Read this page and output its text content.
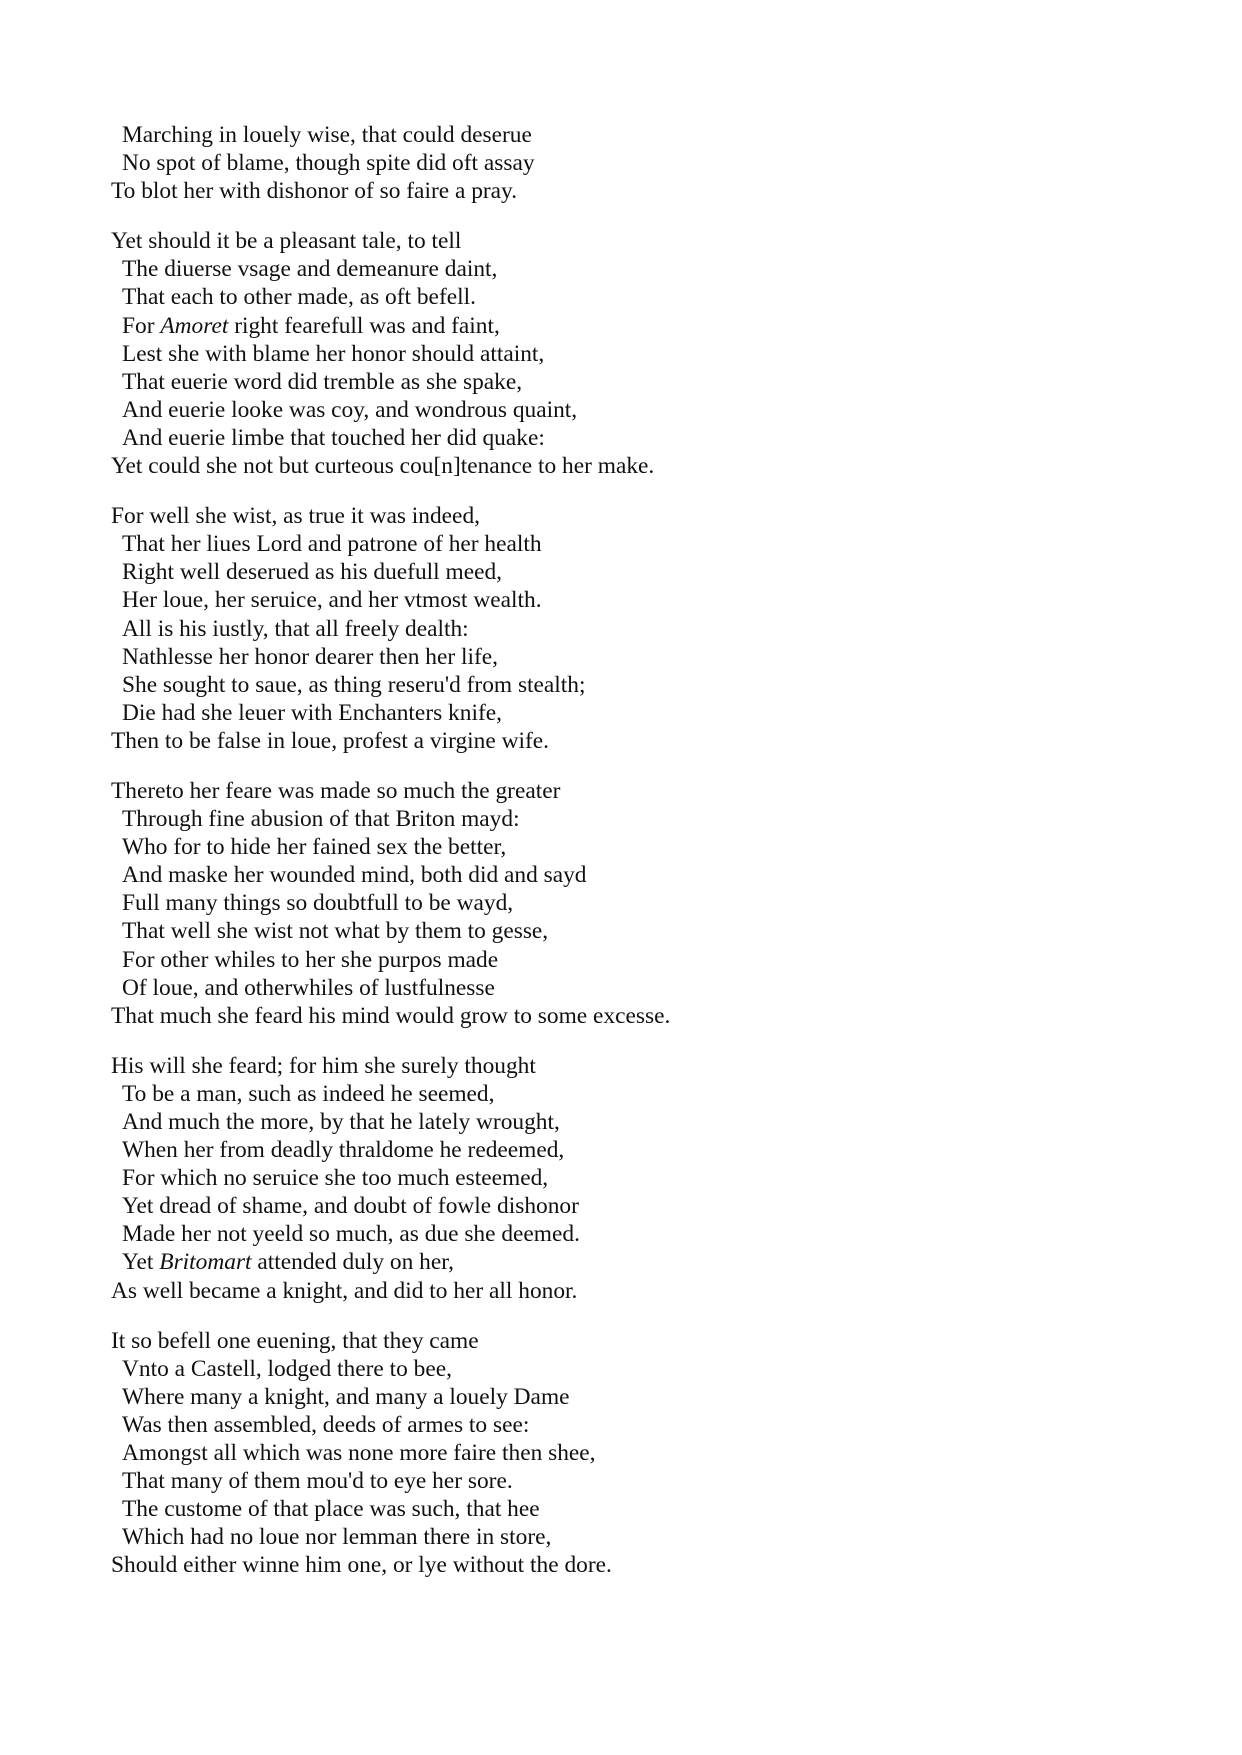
Marching in louely wise, that could deserue
No spot of blame, though spite did oft assay
To blot her with dishonor of so faire a pray.
Yet should it be a pleasant tale, to tell
The diuerse vsage and demeanure daint,
That each to other made, as oft befell.
For Amoret right fearefull was and faint,
Lest she with blame her honor should attaint,
That euerie word did tremble as she spake,
And euerie looke was coy, and wondrous quaint,
And euerie limbe that touched her did quake:
Yet could she not but curteous cou[n]tenance to her make.
For well she wist, as true it was indeed,
That her liues Lord and patrone of her health
Right well deserued as his duefull meed,
Her loue, her seruice, and her vtmost wealth.
All is his iustly, that all freely dealth:
Nathlesse her honor dearer then her life,
She sought to saue, as thing reseru'd from stealth;
Die had she leuer with Enchanters knife,
Then to be false in loue, profest a virgine wife.
Thereto her feare was made so much the greater
Through fine abusion of that Briton mayd:
Who for to hide her fained sex the better,
And maske her wounded mind, both did and sayd
Full many things so doubtfull to be wayd,
That well she wist not what by them to gesse,
For other whiles to her she purpos made
Of loue, and otherwhiles of lustfulnesse
That much she feard his mind would grow to some excesse.
His will she feard; for him she surely thought
To be a man, such as indeed he seemed,
And much the more, by that he lately wrought,
When her from deadly thraldome he redeemed,
For which no seruice she too much esteemed,
Yet dread of shame, and doubt of fowle dishonor
Made her not yeeld so much, as due she deemed.
Yet Britomart attended duly on her,
As well became a knight, and did to her all honor.
It so befell one euening, that they came
Vnto a Castell, lodged there to bee,
Where many a knight, and many a louely Dame
Was then assembled, deeds of armes to see:
Amongst all which was none more faire then shee,
That many of them mou'd to eye her sore.
The custome of that place was such, that hee
Which had no loue nor lemman there in store,
Should either winne him one, or lye without the dore.
